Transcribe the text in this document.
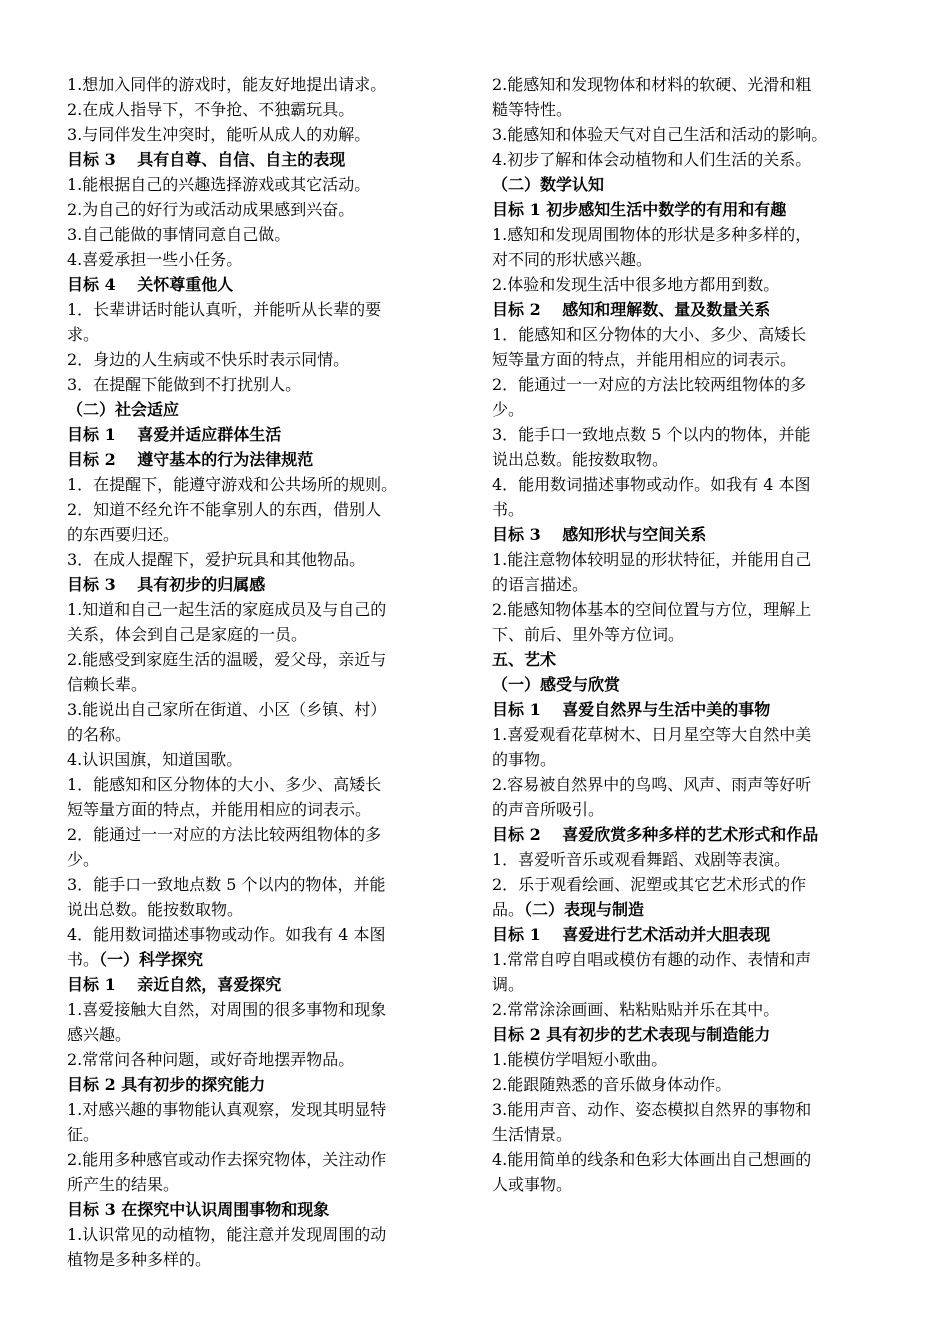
1.想加入同伴的游戏时，能友好地提出请求。
2.在成人指导下，不争抢、不独霸玩具。
3.与同伴发生冲突时，能听从成人的劝解。
目标 3　 具有自尊、自信、自主的表现
1.能根据自己的兴趣选择游戏或其它活动。
2.为自己的好行为或活动成果感到兴奋。
3.自己能做的事情同意自己做。
4.喜爱承担一些小任务。
目标 4　 关怀尊重他人
1．长辈讲话时能认真听，并能听从长辈的要
求。
2．身边的人生病或不快乐时表示同情。
3．在提醒下能做到不打扰别人。
（二）社会适应
目标 1　 喜爱并适应群体生活
目标 2　 遵守基本的行为法律规范
1．在提醒下，能遵守游戏和公共场所的规则。
2．知道不经允许不能拿别人的东西，借别人
的东西要归还。
3．在成人提醒下，爱护玩具和其他物品。
目标 3　 具有初步的归属感
1.知道和自己一起生活的家庭成员及与自己的
关系，体会到自己是家庭的一员。
2.能感受到家庭生活的温暖，爱父母，亲近与
信赖长辈。
3.能说出自己家所在街道、小区（乡镇、村）
的名称。
4.认识国旗，知道国歌。
1．能感知和区分物体的大小、多少、高矮长
短等量方面的特点，并能用相应的词表示。
2．能通过一一对应的方法比较两组物体的多
少。
3．能手口一致地点数 5 个以内的物体，并能
说出总数。能按数取物。
4．能用数词描述事物或动作。如我有 4 本图
书。（一）科学探究
目标 1　 亲近自然，喜爱探究
1.喜爱接触大自然，对周围的很多事物和现象
感兴趣。
2.常常问各种问题，或好奇地摆弄物品。
目标 2 具有初步的探究能力
1.对感兴趣的事物能认真观察，发现其明显特
征。
2.能用多种感官或动作去探究物体，关注动作
所产生的结果。
目标 3 在探究中认识周围事物和现象
1.认识常见的动植物，能注意并发现周围的动
植物是多种多样的。
2.能感知和发现物体和材料的软硬、光滑和粗
糙等特性。
3.能感知和体验天气对自己生活和活动的影响。
4.初步了解和体会动植物和人们生活的关系。
（二）数学认知
目标 1 初步感知生活中数学的有用和有趣
1.感知和发现周围物体的形状是多种多样的，
对不同的形状感兴趣。
2.体验和发现生活中很多地方都用到数。
目标 2　 感知和理解数、量及数量关系
1．能感知和区分物体的大小、多少、高矮长
短等量方面的特点，并能用相应的词表示。
2．能通过一一对应的方法比较两组物体的多
少。
3．能手口一致地点数 5 个以内的物体，并能
说出总数。能按数取物。
4．能用数词描述事物或动作。如我有 4 本图
书。
目标 3　 感知形状与空间关系
1.能注意物体较明显的形状特征，并能用自己
的语言描述。
2.能感知物体基本的空间位置与方位，理解上
下、前后、里外等方位词。
五、艺术
（一）感受与欣赏
目标 1　 喜爱自然界与生活中美的事物
1.喜爱观看花草树木、日月星空等大自然中美
的事物。
2.容易被自然界中的鸟鸣、风声、雨声等好听
的声音所吸引。
目标 2　 喜爱欣赏多种多样的艺术形式和作品
1．喜爱听音乐或观看舞蹈、戏剧等表演。
2．乐于观看绘画、泥塑或其它艺术形式的作
品。（二）表现与制造
目标 1　 喜爱进行艺术活动并大胆表现
1.常常自哼自唱或模仿有趣的动作、表情和声
调。
2.常常涂涂画画、粘粘贴贴并乐在其中。
目标 2 具有初步的艺术表现与制造能力
1.能模仿学唱短小歌曲。
2.能跟随熟悉的音乐做身体动作。
3.能用声音、动作、姿态模拟自然界的事物和
生活情景。
4.能用简单的线条和色彩大体画出自己想画的
人或事物。
